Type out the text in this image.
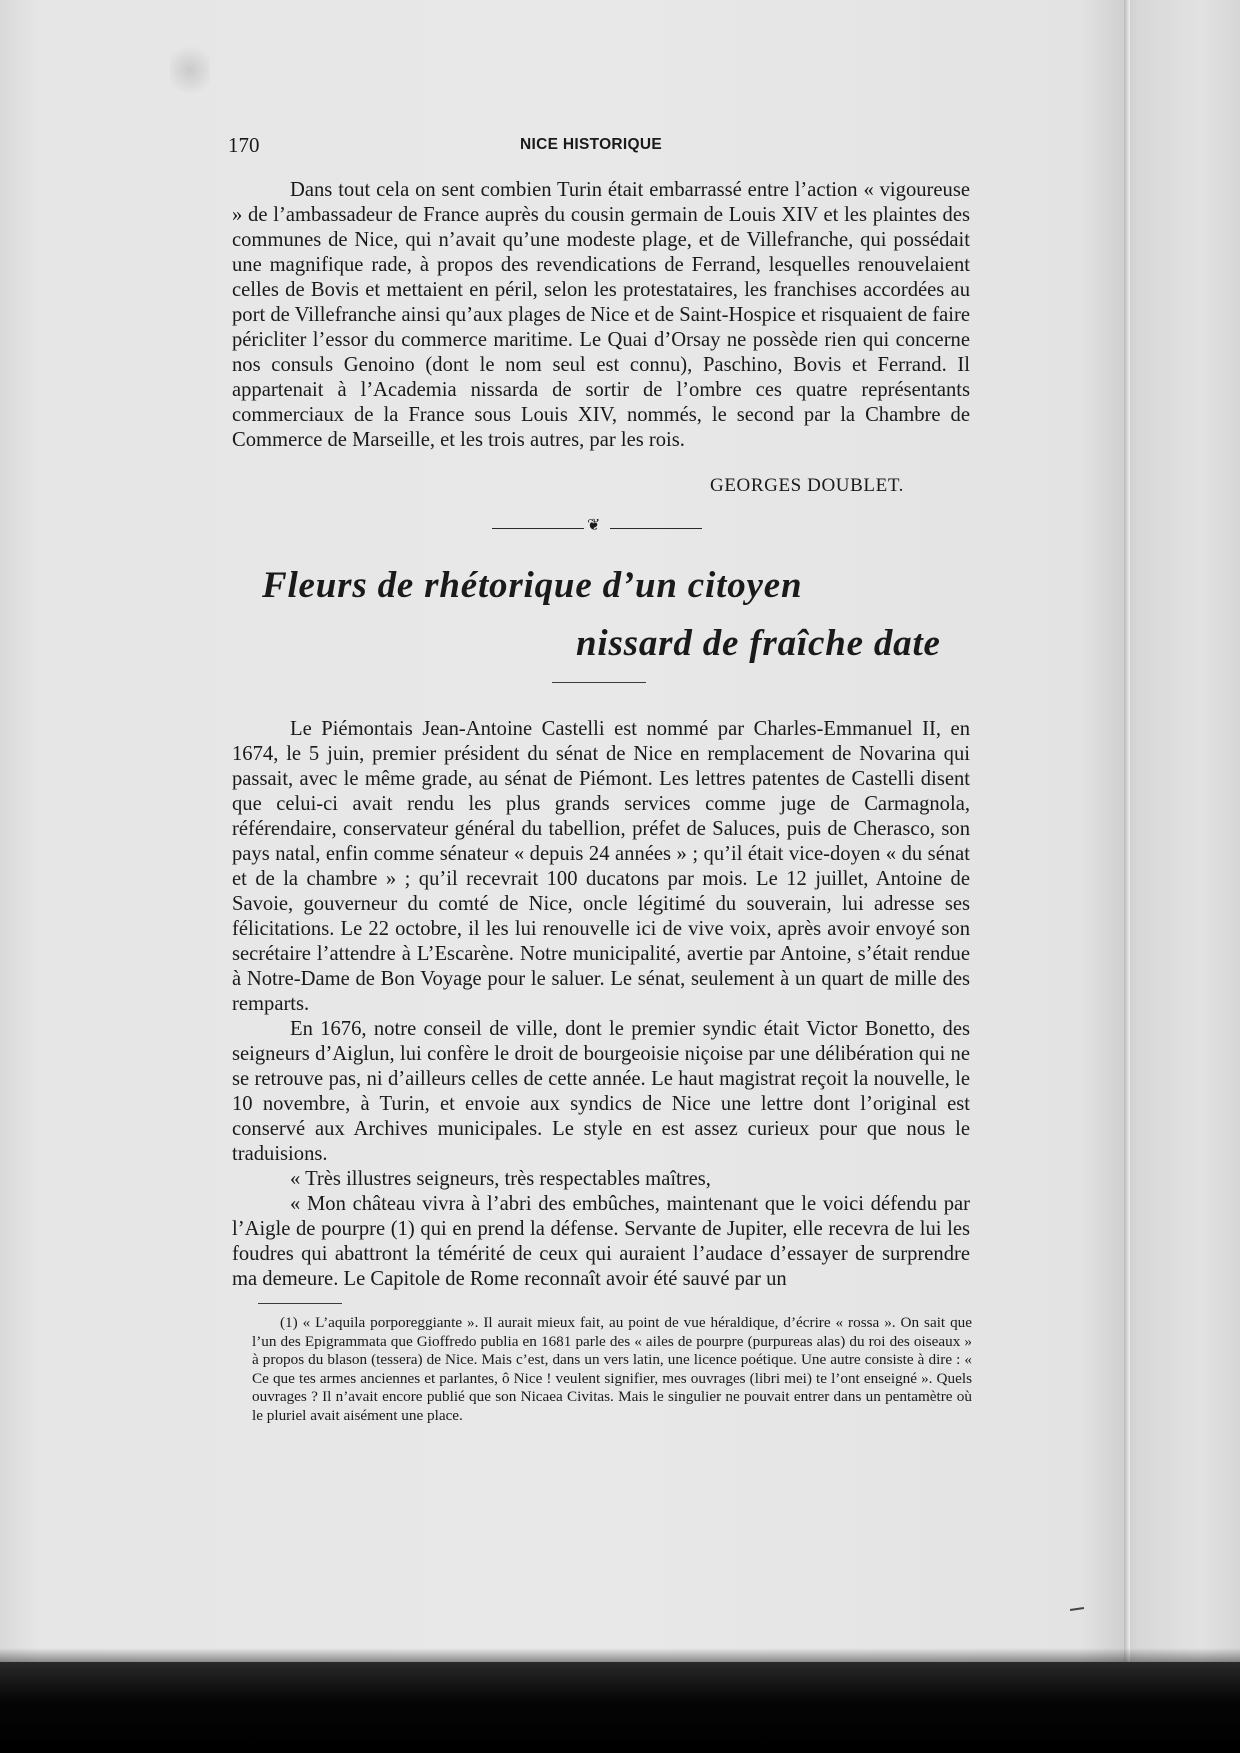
170	NICE HISTORIQUE

Dans tout cela on sent combien Turin était embarrassé entre l’action « vigoureuse » de l’ambassadeur de France auprès du cousin germain de Louis XIV et les plaintes des communes de Nice, qui n’avait qu’une modeste plage, et de Villefranche, qui possédait une magnifique rade, à propos des revendications de Ferrand, lesquelles renouvelaient celles de Bovis et mettaient en péril, selon les protestataires, les franchises accordées au port de Villefranche ainsi qu’aux plages de Nice et de Saint-Hospice et risquaient de faire péricliter l’essor du commerce maritime. Le Quai d’Orsay ne possède rien qui concerne nos consuls Genoino (dont le nom seul est connu), Paschino, Bovis et Ferrand. Il appartenait à l’Academia nissarda de sortir de l’ombre ces quatre représentants commerciaux de la France sous Louis XIV, nommés, le second par la Chambre de Commerce de Marseille, et les trois autres, par les rois.

GEORGES DOUBLET.
❦
Fleurs de rhétorique d’un citoyen
nissard de fraîche date

Le Piémontais Jean-Antoine Castelli est nommé par Charles-Emmanuel II, en 1674, le 5 juin, premier président du sénat de Nice en remplacement de Novarina qui passait, avec le même grade, au sénat de Piémont. Les lettres patentes de Castelli disent que celui-ci avait rendu les plus grands services comme juge de Carmagnola, référendaire, conservateur général du tabellion, préfet de Saluces, puis de Cherasco, son pays natal, enfin comme sénateur « depuis 24 années » ; qu’il était vice-doyen « du sénat et de la chambre » ; qu’il recevrait 100 ducatons par mois. Le 12 juillet, Antoine de Savoie, gouverneur du comté de Nice, oncle légitimé du souverain, lui adresse ses félicitations. Le 22 octobre, il les lui renouvelle ici de vive voix, après avoir envoyé son secrétaire l’attendre à L’Escarène. Notre municipalité, avertie par Antoine, s’était rendue à Notre-Dame de Bon Voyage pour le saluer. Le sénat, seulement à un quart de mille des remparts.

En 1676, notre conseil de ville, dont le premier syndic était Victor Bonetto, des seigneurs d’Aiglun, lui confère le droit de bourgeoisie niçoise par une délibération qui ne se retrouve pas, ni d’ailleurs celles de cette année. Le haut magistrat reçoit la nouvelle, le 10 novembre, à Turin, et envoie aux syndics de Nice une lettre dont l’original est conservé aux Archives municipales. Le style en est assez curieux pour que nous le traduisions.

« Très illustres seigneurs, très respectables maîtres,

« Mon château vivra à l’abri des embûches, maintenant que le voici défendu par l’Aigle de pourpre (1) qui en prend la défense. Servante de Jupiter, elle recevra de lui les foudres qui abattront la témérité de ceux qui auraient l’audace d’essayer de surprendre ma demeure. Le Capitole de Rome reconnaît avoir été sauvé par un

(1) « L’aquila porporeggiante ». Il aurait mieux fait, au point de vue héraldique, d’écrire « rossa ». On sait que l’un des Epigrammata que Gioffredo publia en 1681 parle des « ailes de pourpre (purpureas alas) du roi des oiseaux » à propos du blason (tessera) de Nice. Mais c’est, dans un vers latin, une licence poétique. Une autre consiste à dire : « Ce que tes armes anciennes et parlantes, ô Nice ! veulent signifier, mes ouvrages (libri mei) te l’ont enseigné ». Quels ouvrages ? Il n’avait encore publié que son Nicaea Civitas. Mais le singulier ne pouvait entrer dans un pentamètre où le pluriel avait aisément une place.
